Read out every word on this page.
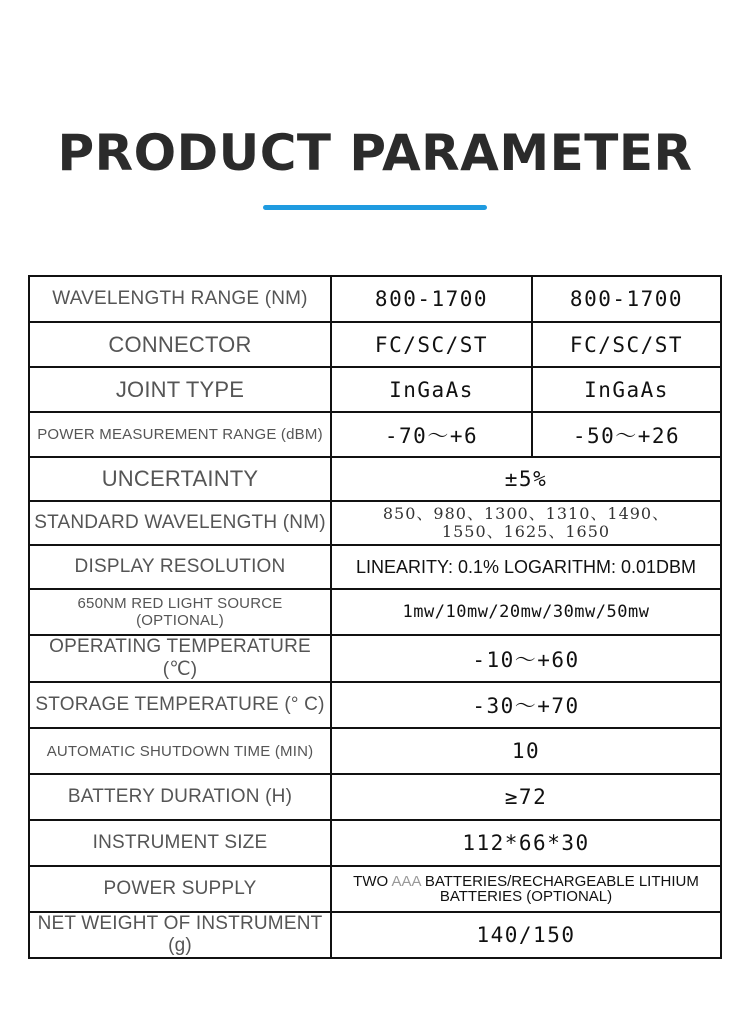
PRODUCT PARAMETER
WAVELENGTH RANGE (NM)	800-1700	800-1700
CONNECTOR	FC/SC/ST	FC/SC/ST
JOINT TYPE	InGaAs	InGaAs
POWER MEASUREMENT RANGE (dBM)	-70～+6	-50～+26
UNCERTAINTY	±5%	
STANDARD WAVELENGTH (NM)	850、980、1300、1310、1490、
1550、1625、1650	

DISPLAY RESOLUTION	LINEARITY: 0.1% LOGARITHM: 0.01DBM	
650NM RED LIGHT SOURCE (OPTIONAL)	1mw/10mw/20mw/30mw/50mw	
OPERATING TEMPERATURE (℃)	-10～+60	
STORAGE TEMPERATURE (° C)	-30～+70	
AUTOMATIC SHUTDOWN TIME (MIN)	10	
BATTERY DURATION (H)	≥72	
INSTRUMENT SIZE	112*66*30	
POWER SUPPLY	TWO AAA BATTERIES/RECHARGEABLE LITHIUM
BATTERIES (OPTIONAL)	

NET WEIGHT OF INSTRUMENT (g)	140/150	
